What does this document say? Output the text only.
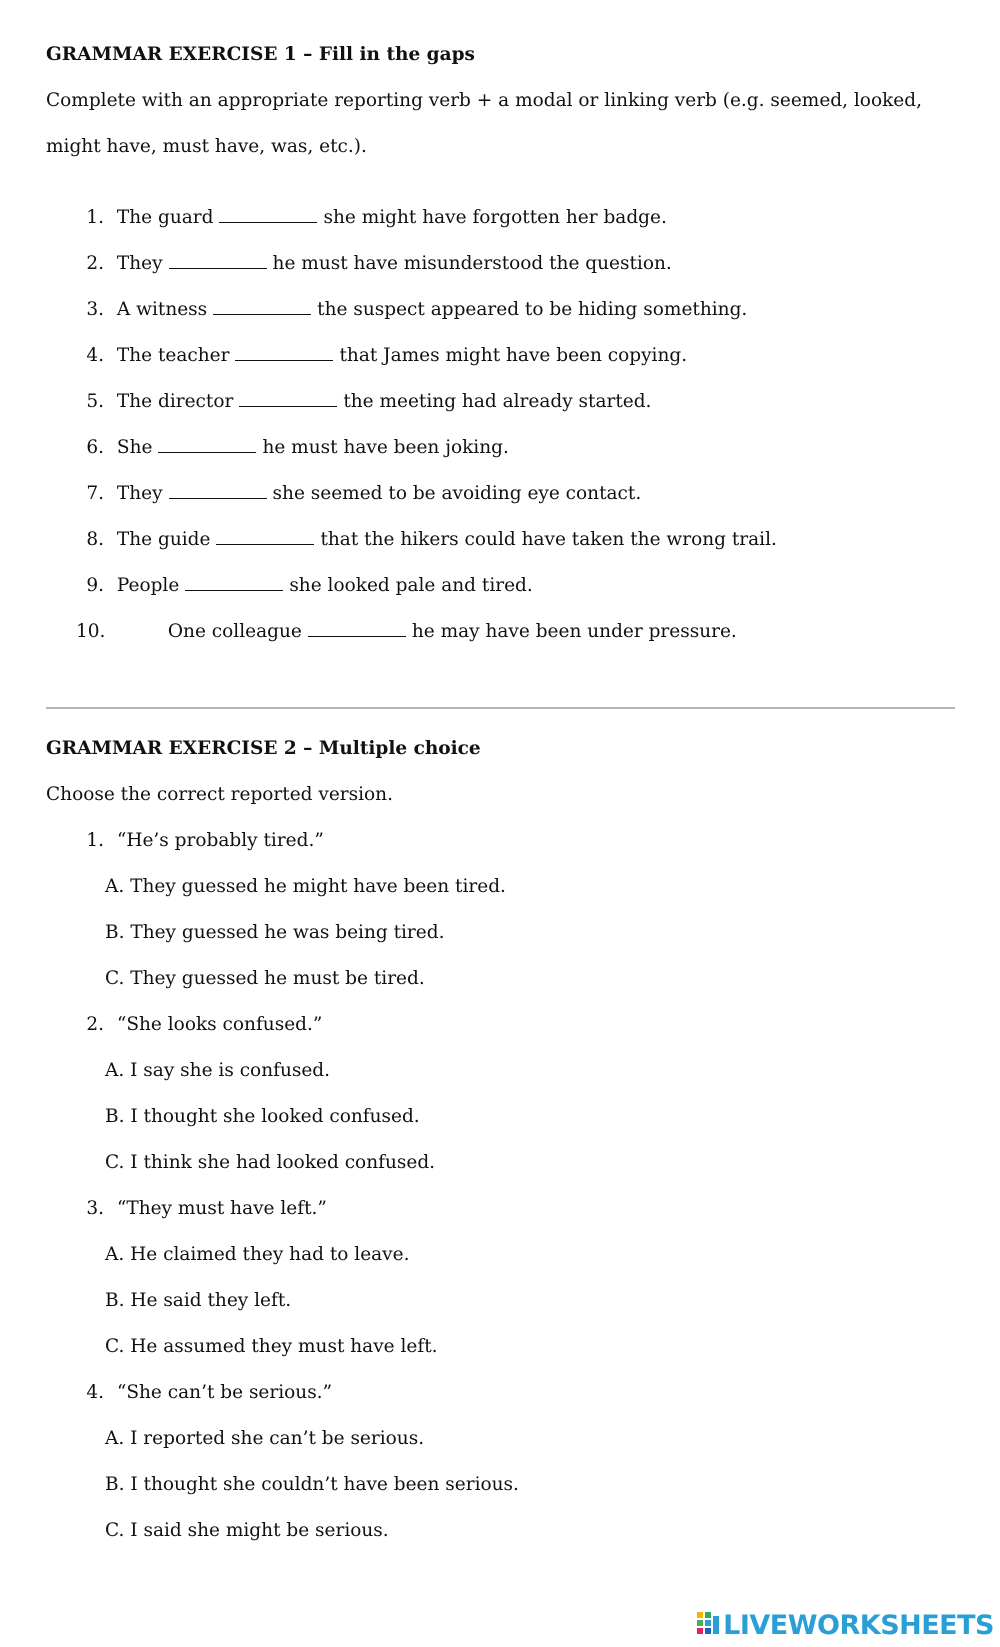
GRAMMAR EXERCISE 1 – Fill in the gaps
Complete with an appropriate reporting verb + a modal or linking verb (e.g. seemed, looked,
might have, must have, was, etc.).
1. The guard	she might have forgotten her badge.
2. They	he must have misunderstood the question.
3. A witness	the suspect appeared to be hiding something.
4. The teacher	that James might have been copying.
5. The director	the meeting had already started.
6. She	he must have been joking.
7. They	she seemed to be avoiding eye contact.
8. The guide	that the hikers could have taken the wrong trail.
9. People	she looked pale and tired.
10.	One colleague	he may have been under pressure.
GRAMMAR EXERCISE 2 – Multiple choice
Choose the correct reported version.
1. “He’s probably tired.”
A. They guessed he might have been tired.
B. They guessed he was being tired.
C. They guessed he must be tired.
2. “She looks confused.”
A. I say she is confused.
B. I thought she looked confused.
C. I think she had looked confused.
3. “They must have left.”
A. He claimed they had to leave.
B. He said they left.
C. He assumed they must have left.
4. “She can’t be serious.”
A. I reported she can’t be serious.
B. I thought she couldn’t have been serious.
C. I said she might be serious.
LIVEWORKSHEETS
